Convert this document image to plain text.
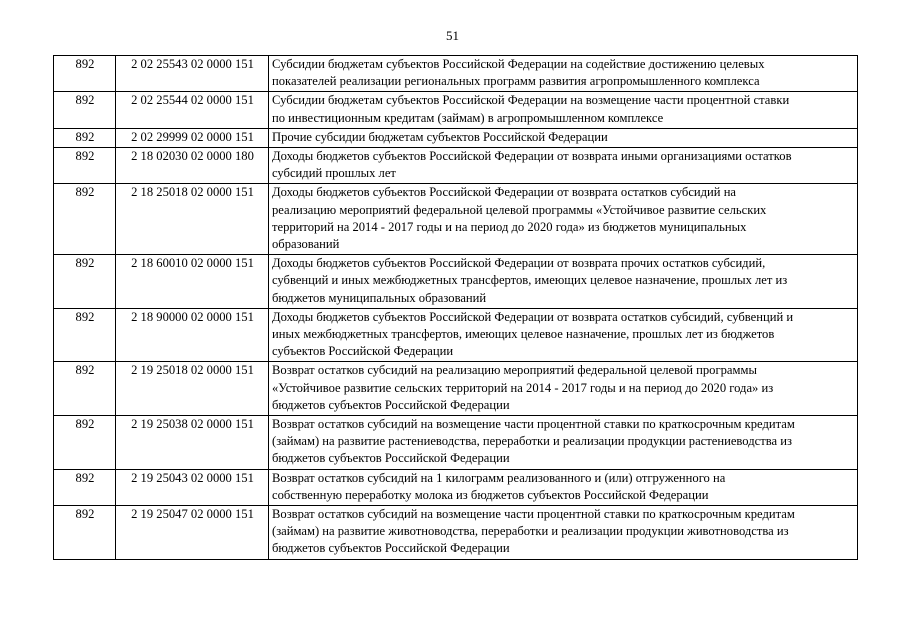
51
892	2 02 25543 02 0000 151	Субсидии бюджетам субъектов Российской Федерации на содействие достижению целевых
показателей реализации региональных программ развития агропромышленного комплекса
892	2 02 25544 02 0000 151	Субсидии бюджетам субъектов Российской Федерации на возмещение части процентной ставки
по инвестиционным кредитам (займам) в агропромышленном комплексе
892	2 02 29999 02 0000 151	Прочие субсидии бюджетам субъектов Российской Федерации
892	2 18 02030 02 0000 180	Доходы бюджетов субъектов Российской Федерации от возврата иными организациями остатков
субсидий прошлых лет
892	2 18 25018 02 0000 151	Доходы бюджетов субъектов Российской Федерации от возврата остатков субсидий на
реализацию мероприятий федеральной целевой программы «Устойчивое развитие сельских
территорий на 2014 - 2017 годы и на период до 2020 года» из бюджетов муниципальных
образований
892	2 18 60010 02 0000 151	Доходы бюджетов субъектов Российской Федерации от возврата прочих остатков субсидий,
субвенций и иных межбюджетных трансфертов, имеющих целевое назначение, прошлых лет из
бюджетов муниципальных образований
892	2 18 90000 02 0000 151	Доходы бюджетов субъектов Российской Федерации от возврата остатков субсидий, субвенций и
иных межбюджетных трансфертов, имеющих целевое назначение, прошлых лет из бюджетов
субъектов Российской Федерации
892	2 19 25018 02 0000 151	Возврат остатков субсидий на реализацию мероприятий федеральной целевой программы
«Устойчивое развитие сельских территорий на 2014 - 2017 годы и на период до 2020 года» из
бюджетов субъектов Российской Федерации
892	2 19 25038 02 0000 151	Возврат остатков субсидий на возмещение части процентной ставки по краткосрочным кредитам
(займам) на развитие растениеводства, переработки и реализации продукции растениеводства из
бюджетов субъектов Российской Федерации
892	2 19 25043 02 0000 151	Возврат остатков субсидий на 1 килограмм реализованного и (или) отгруженного на
собственную переработку молока из бюджетов субъектов Российской Федерации
892	2 19 25047 02 0000 151	Возврат остатков субсидий на возмещение части процентной ставки по краткосрочным кредитам
(займам) на развитие животноводства, переработки и реализации продукции животноводства из
бюджетов субъектов Российской Федерации
